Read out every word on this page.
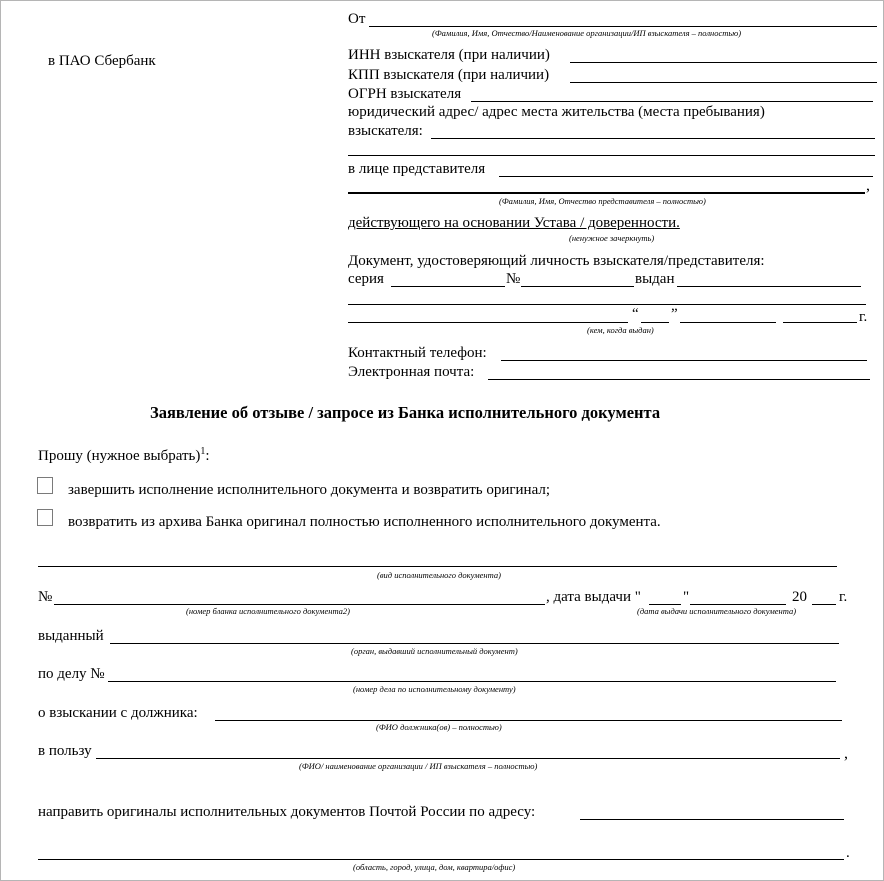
в ПАО Сбербанк
От
(Фамилия, Имя, Отчество/Наименование организации/ИП взыскателя – полностью)
ИНН взыскателя (при наличии)
КПП взыскателя (при наличии)
ОГРН взыскателя
юридический адрес/ адрес места жительства (места пребывания)
взыскателя:
в лице представителя
,
(Фамилия, Имя, Отчество представителя – полностью)
действующего на основании Устава / доверенности.
(ненужное зачеркнуть)
Документ, удостоверяющий личность взыскателя/представителя:
серия	№	выдан
“ ”	г.
(кем, когда выдан)
Контактный телефон:
Электронная почта:
Заявление об отзыве / запросе из Банка исполнительного документа
Прошу (нужное выбрать)$^1$:
завершить исполнение исполнительного документа и возвратить оригинал;
возвратить из архива Банка оригинал полностью исполненного исполнительного документа.
(вид исполнительного документа)
№	, дата выдачи "	"	20 г.
(номер бланка исполнительного документа2)	(дата выдачи исполнительного документа)
выданный
(орган, выдавший исполнительный документ)
по делу №
(номер дела по исполнительному документу)
о взыскании с должника:
(ФИО должника(ов) – полностью)
в пользу	,
(ФИО/ наименование организации / ИП взыскателя – полностью)
направить оригиналы исполнительных документов Почтой России по адресу:
.
(область, город, улица, дом, квартира/офис)
